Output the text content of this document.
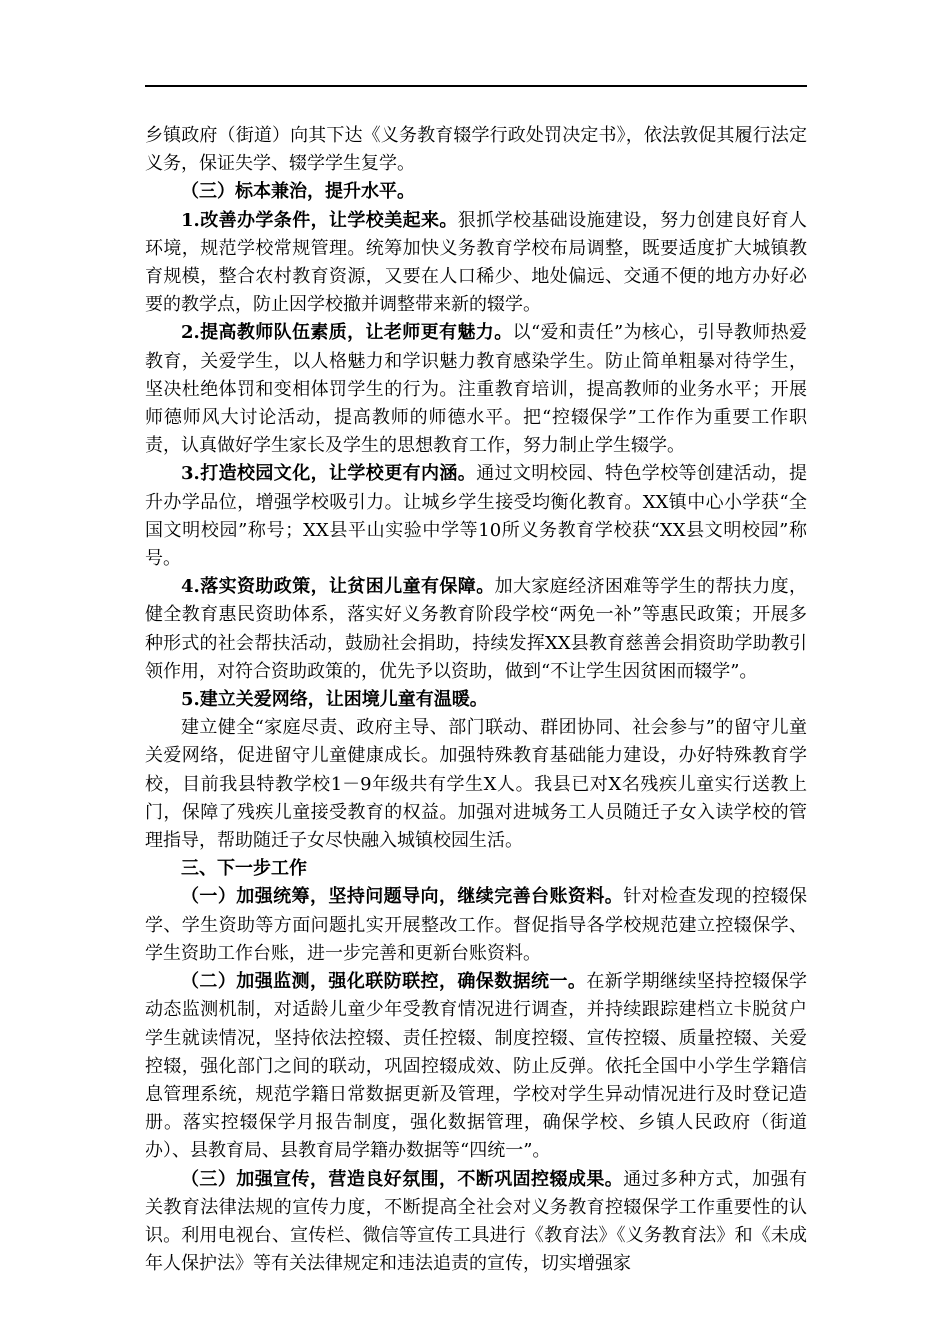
乡镇政府（街道）向其下达《义务教育辍学行政处罚决定书》，依法敦促其履行法定义务，保证失学、辍学学生复学。

（三）标本兼治，提升水平。

1.改善办学条件，让学校美起来。狠抓学校基础设施建设，努力创建良好育人环境，规范学校常规管理。统筹加快义务教育学校布局调整，既要适度扩大城镇教育规模，整合农村教育资源，又要在人口稀少、地处偏远、交通不便的地方办好必要的教学点，防止因学校撤并调整带来新的辍学。

2.提高教师队伍素质，让老师更有魅力。以“爱和责任”为核心，引导教师热爱教育，关爱学生，以人格魅力和学识魅力教育感染学生。防止简单粗暴对待学生，坚决杜绝体罚和变相体罚学生的行为。注重教育培训，提高教师的业务水平；开展师德师风大讨论活动，提高教师的师德水平。把“控辍保学”工作作为重要工作职责，认真做好学生家长及学生的思想教育工作，努力制止学生辍学。

3.打造校园文化，让学校更有内涵。通过文明校园、特色学校等创建活动，提升办学品位，增强学校吸引力。让城乡学生接受均衡化教育。XX镇中心小学获“全国文明校园”称号；XX县平山实验中学等10所义务教育学校获“XX县文明校园”称号。

4.落实资助政策，让贫困儿童有保障。加大家庭经济困难等学生的帮扶力度，健全教育惠民资助体系，落实好义务教育阶段学校“两免一补”等惠民政策；开展多种形式的社会帮扶活动，鼓励社会捐助，持续发挥XX县教育慈善会捐资助学助教引领作用，对符合资助政策的，优先予以资助，做到“不让学生因贫困而辍学”。

5.建立关爱网络，让困境儿童有温暖。

建立健全“家庭尽责、政府主导、部门联动、群团协同、社会参与”的留守儿童关爱网络，促进留守儿童健康成长。加强特殊教育基础能力建设，办好特殊教育学校，目前我县特教学校1－9年级共有学生X人。我县已对X名残疾儿童实行送教上门，保障了残疾儿童接受教育的权益。加强对进城务工人员随迁子女入读学校的管理指导，帮助随迁子女尽快融入城镇校园生活。

三、下一步工作

（一）加强统筹，坚持问题导向，继续完善台账资料。针对检查发现的控辍保学、学生资助等方面问题扎实开展整改工作。督促指导各学校规范建立控辍保学、学生资助工作台账，进一步完善和更新台账资料。

（二）加强监测，强化联防联控，确保数据统一。在新学期继续坚持控辍保学动态监测机制，对适龄儿童少年受教育情况进行调查，并持续跟踪建档立卡脱贫户学生就读情况，坚持依法控辍、责任控辍、制度控辍、宣传控辍、质量控辍、关爱控辍，强化部门之间的联动，巩固控辍成效、防止反弹。依托全国中小学生学籍信息管理系统，规范学籍日常数据更新及管理，学校对学生异动情况进行及时登记造册。落实控辍保学月报告制度，强化数据管理，确保学校、乡镇人民政府（街道办）、县教育局、县教育局学籍办数据等“四统一”。

（三）加强宣传，营造良好氛围，不断巩固控辍成果。通过多种方式，加强有关教育法律法规的宣传力度，不断提高全社会对义务教育控辍保学工作重要性的认识。利用电视台、宣传栏、微信等宣传工具进行《教育法》《义务教育法》和《未成年人保护法》等有关法律规定和违法追责的宣传，切实增强家
